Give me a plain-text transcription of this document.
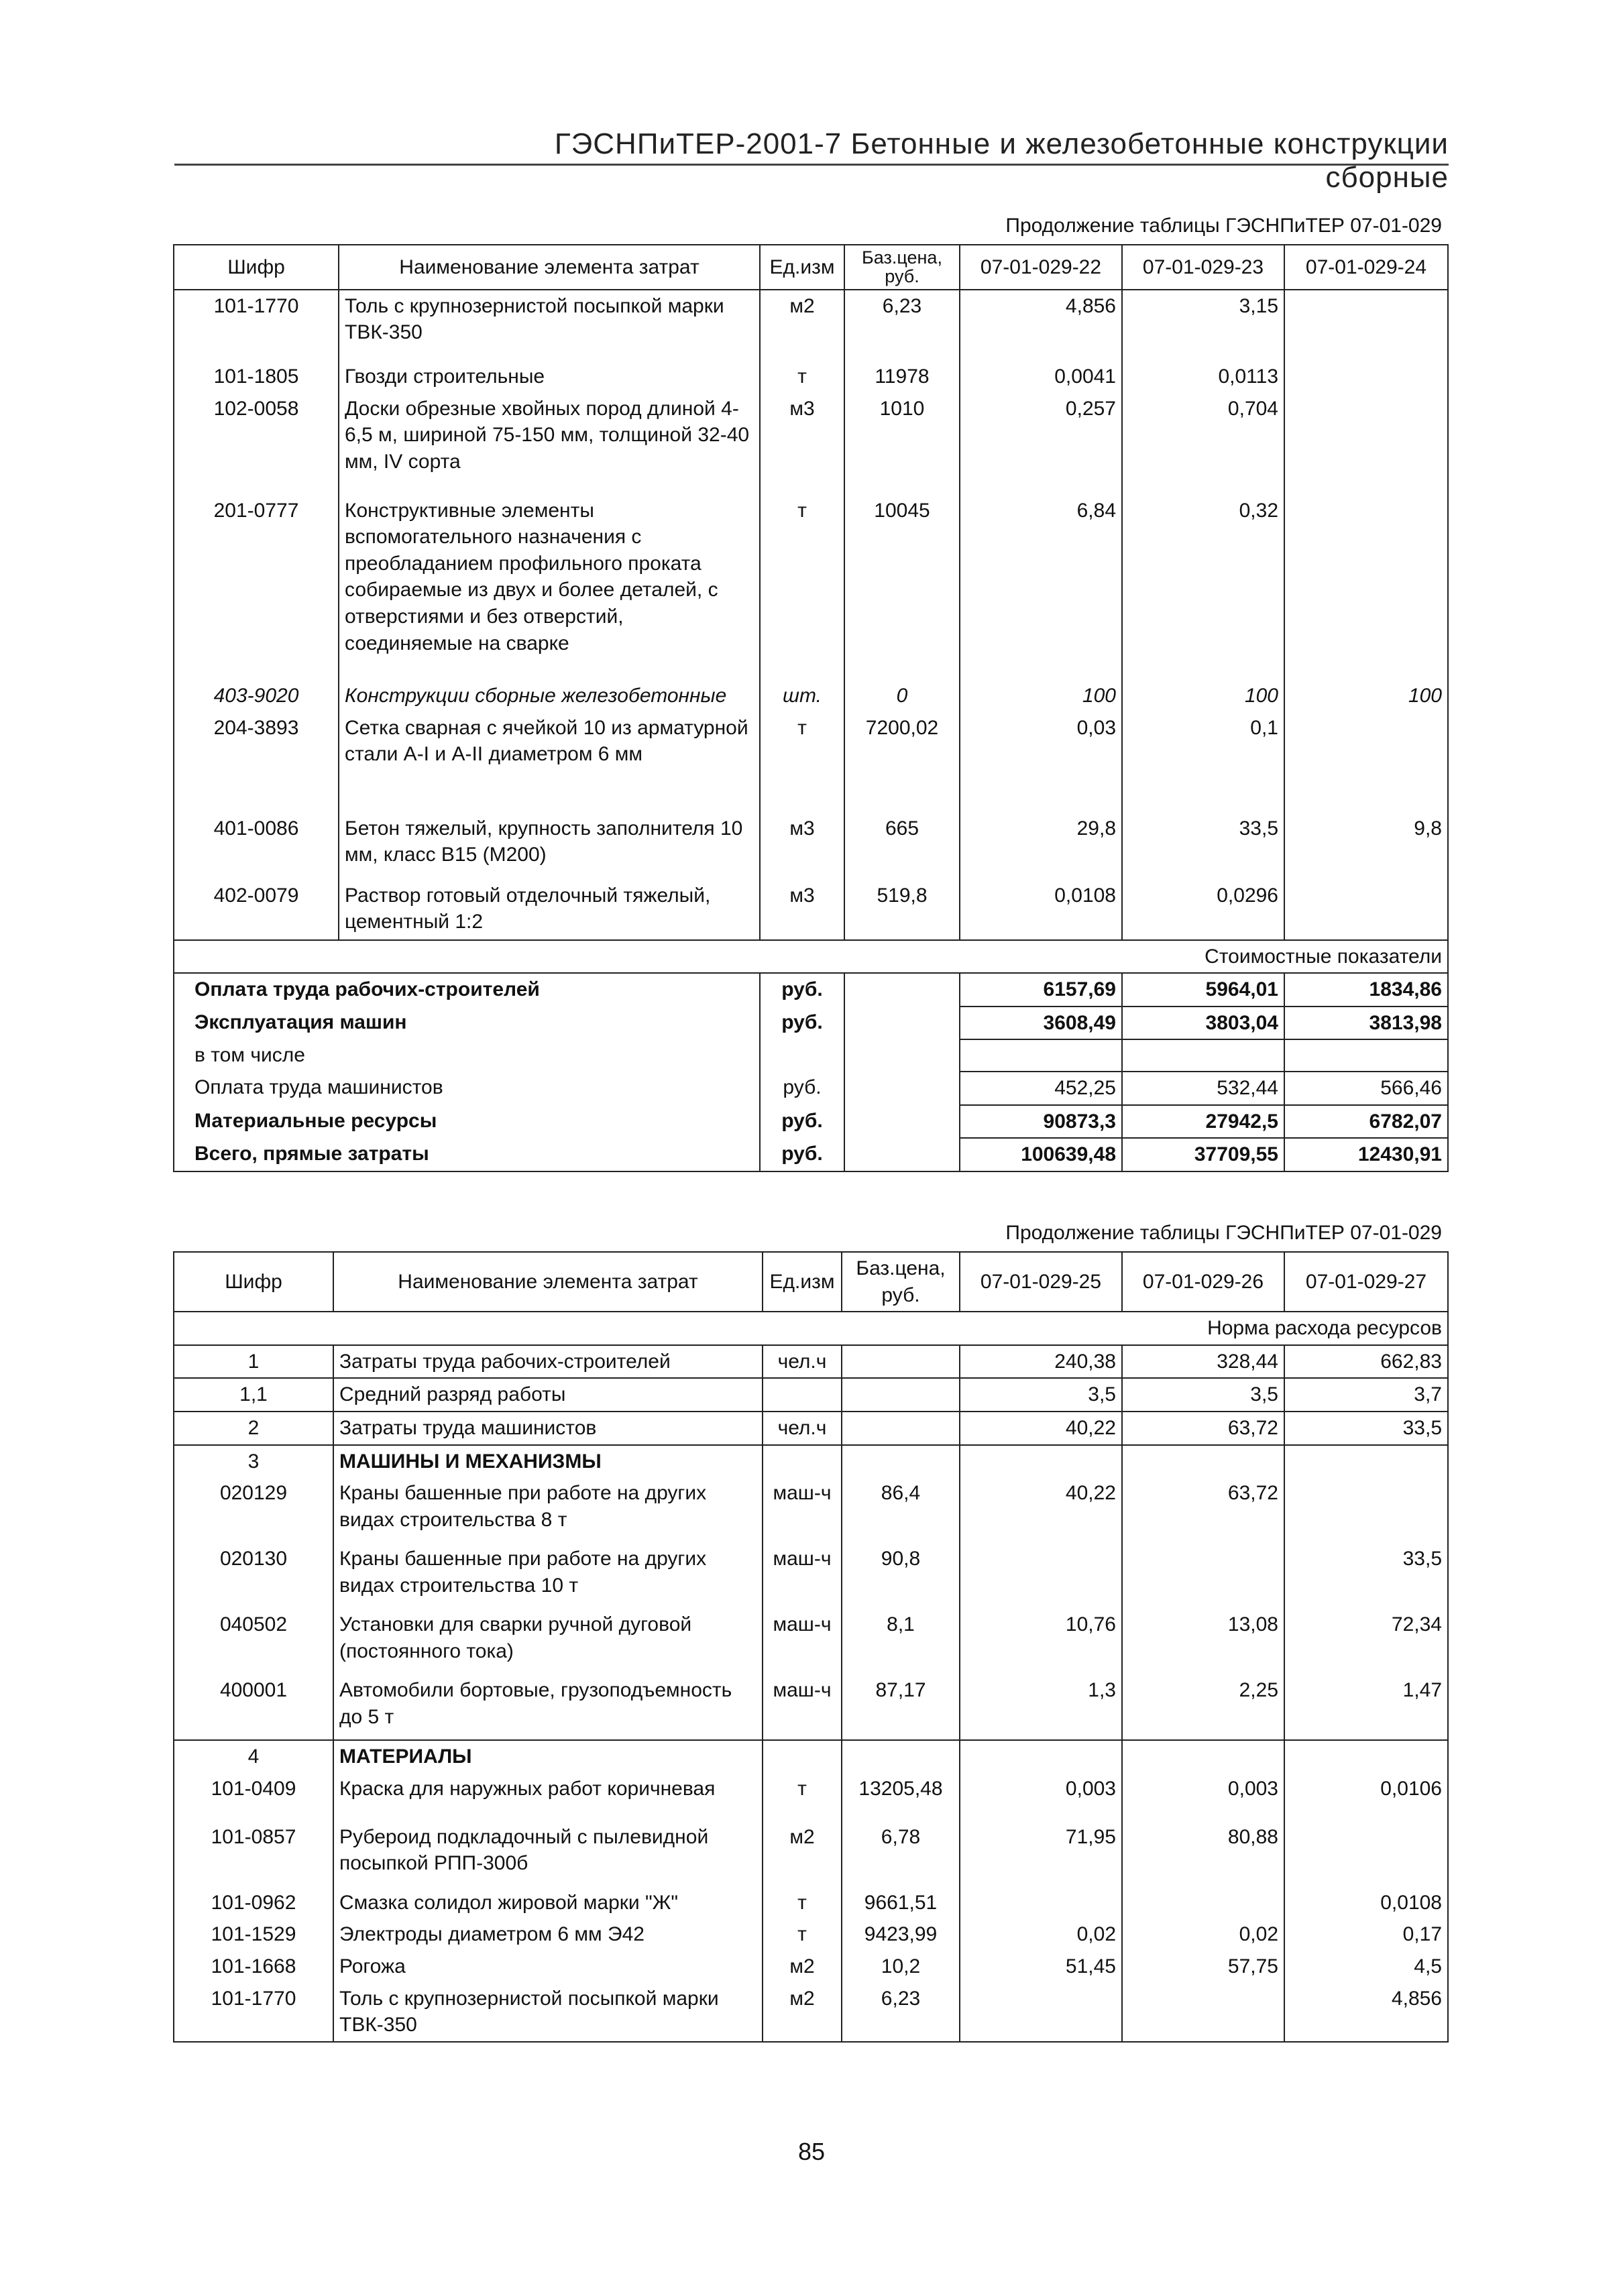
ГЭСНПиТЕР-2001-7 Бетонные и железобетонные конструкции сборные
Продолжение таблицы ГЭСНПиТЕР 07-01-029
Шифр	Наименование элемента затрат	Ед.изм	Баз.цена, руб.	07-01-029-22	07-01-029-23	07-01-029-24
101-1770	Толь с крупнозернистой посыпкой марки ТВК-350	м2	6,23	4,856	3,15	
101-1805	Гвозди строительные	т	11978	0,0041	0,0113	
102-0058	Доски обрезные хвойных пород длиной 4-6,5 м, шириной 75-150 мм, толщиной 32-40 мм, IV сорта	м3	1010	0,257	0,704	
201-0777	Конструктивные элементы вспомогательного назначения с преобладанием профильного проката собираемые из двух и более деталей, с отверстиями и без отверстий, соединяемые на сварке	т	10045	6,84	0,32	
403-9020	Конструкции сборные железобетонные	шт.	0	100	100	100
204-3893	Сетка сварная с ячейкой 10 из арматурной стали А-I и А-II диаметром 6 мм	т	7200,02	0,03	0,1	
401-0086	Бетон тяжелый, крупность заполнителя 10 мм, класс В15 (М200)	м3	665	29,8	33,5	9,8
402-0079	Раствор готовый отделочный тяжелый, цементный 1:2	м3	519,8	0,0108	0,0296	
Стоимостные показатели						
Оплата труда рабочих-строителей		руб.		6157,69	5964,01	1834,86
Эксплуатация машин		руб.		3608,49	3803,04	3813,98
в том числе						
Оплата труда машинистов		руб.		452,25	532,44	566,46
Материальные ресурсы		руб.		90873,3	27942,5	6782,07
Всего, прямые затраты		руб.		100639,48	37709,55	12430,91
Продолжение таблицы ГЭСНПиТЕР 07-01-029
Шифр	Наименование элемента затрат	Ед.изм	Баз.цена, руб.	07-01-029-25	07-01-029-26	07-01-029-27
Норма расхода ресурсов						
1	Затраты труда рабочих-строителей	чел.ч		240,38	328,44	662,83
1,1	Средний разряд работы			3,5	3,5	3,7
2	Затраты труда машинистов	чел.ч		40,22	63,72	33,5
3	МАШИНЫ И МЕХАНИЗМЫ					
020129	Краны башенные при работе на других видах строительства 8 т	маш-ч	86,4	40,22	63,72	
020130	Краны башенные при работе на других видах строительства 10 т	маш-ч	90,8			33,5
040502	Установки для сварки ручной дуговой (постоянного тока)	маш-ч	8,1	10,76	13,08	72,34
400001	Автомобили бортовые, грузоподъемность до 5 т	маш-ч	87,17	1,3	2,25	1,47
4	МАТЕРИАЛЫ					
101-0409	Краска для наружных работ коричневая	т	13205,48	0,003	0,003	0,0106
101-0857	Рубероид подкладочный с пылевидной посыпкой РПП-300б	м2	6,78	71,95	80,88	
101-0962	Смазка солидол жировой марки "Ж"	т	9661,51			0,0108
101-1529	Электроды диаметром 6 мм Э42	т	9423,99	0,02	0,02	0,17
101-1668	Рогожа	м2	10,2	51,45	57,75	4,5
101-1770	Толь с крупнозернистой посыпкой марки ТВК-350	м2	6,23			4,856
85
